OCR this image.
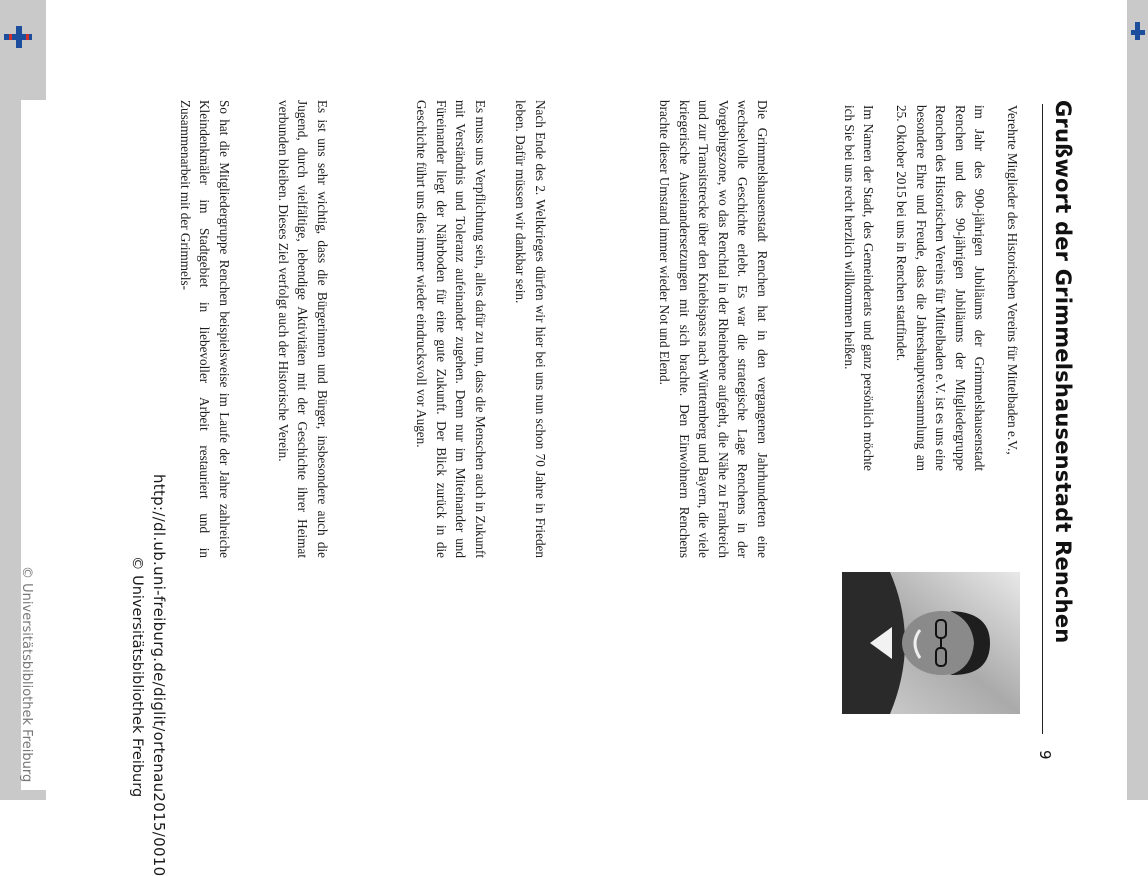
Grußwort der Grimmelshausenstadt Renchen
9

Verehrte Mitglieder des Historischen Vereins für Mittelbaden e.V.,

im Jahr des 900-jährigen Jubiläums der Grimmelshausenstadt Renchen und des 90-jährigen Jubiläums der Mitgliedergruppe Renchen des Historischen Vereins für Mittelbaden e.V. ist es uns eine besondere Ehre und Freude, dass die Jahreshauptversammlung am 25. Oktober 2015 bei uns in Renchen stattfindet.

Im Namen der Stadt, des Gemeinderats und ganz persönlich möchte ich Sie bei uns recht herzlich willkommen heißen.

Die Grimmelshausenstadt Renchen hat in den vergangenen Jahrhunderten eine wechselvolle Geschichte erlebt. Es war die strategische Lage Renchens in der Vorgebirgszone, wo das Renchtal in der Rheinebene aufgeht, die Nähe zu Frankreich und zur Transitstrecke über den Kniebispass nach Württemberg und Bayern, die viele kriegerische Auseinandersetzungen mit sich brachte. Den Einwohnern Renchens brachte dieser Umstand immer wieder Not und Elend.
Nach Ende des 2. Weltkrieges dürfen wir hier bei uns nun schon 70 Jahre in Frieden leben. Dafür müssen wir dankbar sein.
Es muss uns Verpflichtung sein, alles dafür zu tun, dass die Menschen auch in Zukunft mit Verständnis und Toleranz aufeinander zugehen. Denn nur im Miteinander und Füreinander liegt der Nährboden für eine gute Zukunft. Der Blick zurück in die Geschichte führt uns dies immer wieder eindrucksvoll vor Augen.
Es ist uns sehr wichtig, dass die Bürgerinnen und Bürger, insbesondere auch die Jugend, durch vielfältige, lebendige Aktivitäten mit der Geschichte ihrer Heimat verbunden bleiben. Dieses Ziel verfolgt auch der Historische Verein.
So hat die Mitgliedergruppe Renchen beispielsweise im Laufe der Jahre zahlreiche Kleindenkmäler im Stadtgebiet in liebevoller Arbeit restauriert und in Zusammenarbeit mit der Grimmels-
http://dl.ub.uni-freiburg.de/diglit/ortenau2015/0010
© Universitätsbibliothek Freiburg
© Universitätsbibliothek Freiburg
